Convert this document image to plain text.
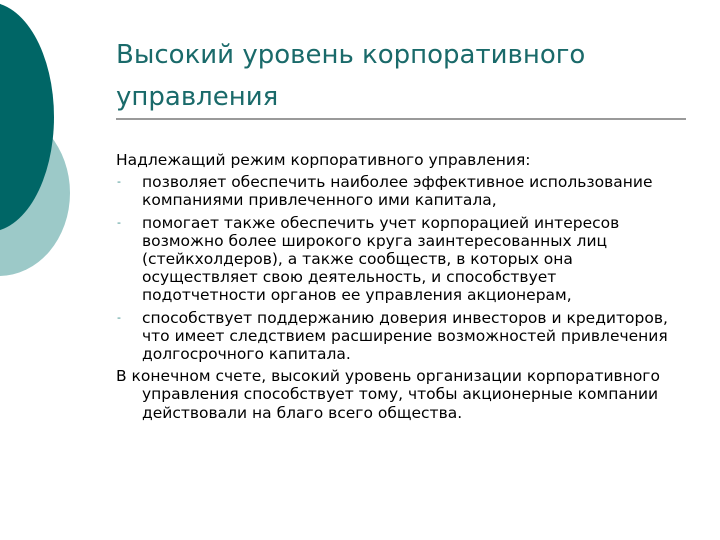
Высокий уровень корпоративного управления

Надлежащий режим корпоративного управления:

- позволяет обеспечить наиболее эффективное использование компаниями привлеченного ими капитала,
- помогает также обеспечить учет корпорацией интересов возможно более широкого круга заинтересованных лиц (стейкхолдеров), а также сообществ, в которых она осуществляет свою деятельность, и способствует подотчетности органов ее управления акционерам,
- способствует поддержанию доверия инвесторов и кредиторов, что имеет следствием расширение возможностей привлечения долгосрочного капитала.

В конечном счете, высокий уровень организации корпоративного управления способствует тому, чтобы акционерные компании действовали на благо всего общества.
